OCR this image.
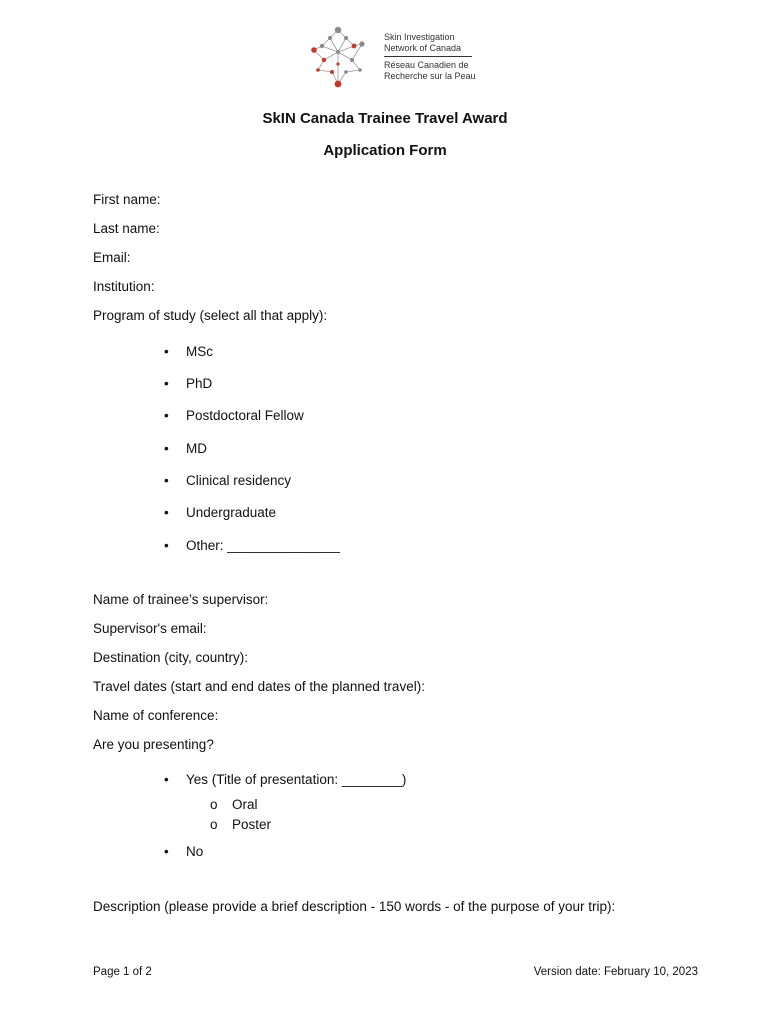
Skin Investigation
Network of Canada
Réseau Canadien de
Recherche sur la Peau
SkIN Canada Trainee Travel Award
Application Form
First name:
Last name:
Email:
Institution:
Program of study (select all that apply):
• MSc
• PhD
• Postdoctoral Fellow
• MD
• Clinical residency
• Undergraduate
• Other: _______________
Name of trainee’s supervisor:
Supervisor's email:
Destination (city, country):
Travel dates (start and end dates of the planned travel):
Name of conference:
Are you presenting?
• Yes (Title of presentation: ________)
o Oral
o Poster
• No
Description (please provide a brief description - 150 words - of the purpose of your trip):
Page 1 of 2	Version date: February 10, 2023
